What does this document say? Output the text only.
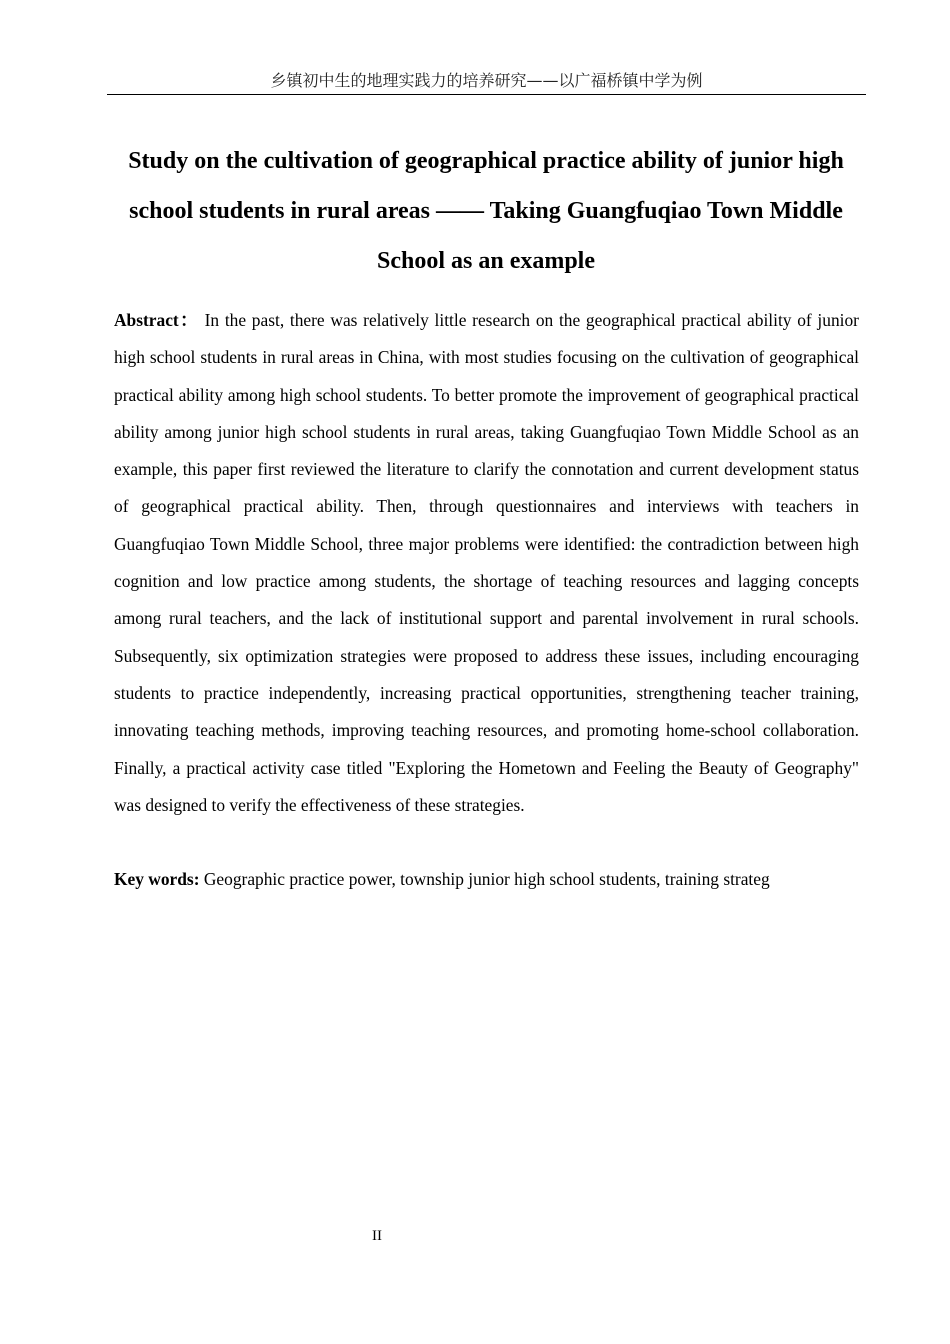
乡镇初中生的地理实践力的培养研究——以广福桥镇中学为例
Study on the cultivation of geographical practice ability of junior high school students in rural areas —— Taking Guangfuqiao Town Middle School as an example

Abstract： In the past, there was relatively little research on the geographical practical ability of junior high school students in rural areas in China, with most studies focusing on the cultivation of geographical practical ability among high school students. To better promote the improvement of geographical practical ability among junior high school students in rural areas, taking Guangfuqiao Town Middle School as an example, this paper first reviewed the literature to clarify the connotation and current development status of geographical practical ability. Then, through questionnaires and interviews with teachers in Guangfuqiao Town Middle School, three major problems were identified: the contradiction between high cognition and low practice among students, the shortage of teaching resources and lagging concepts among rural teachers, and the lack of institutional support and parental involvement in rural schools. Subsequently, six optimization strategies were proposed to address these issues, including encouraging students to practice independently, increasing practical opportunities, strengthening teacher training, innovating teaching methods, improving teaching resources, and promoting home-school collaboration. Finally, a practical activity case titled "Exploring the Hometown and Feeling the Beauty of Geography" was designed to verify the effectiveness of these strategies.

Key words: Geographic practice power, township junior high school students, training strateg

II
